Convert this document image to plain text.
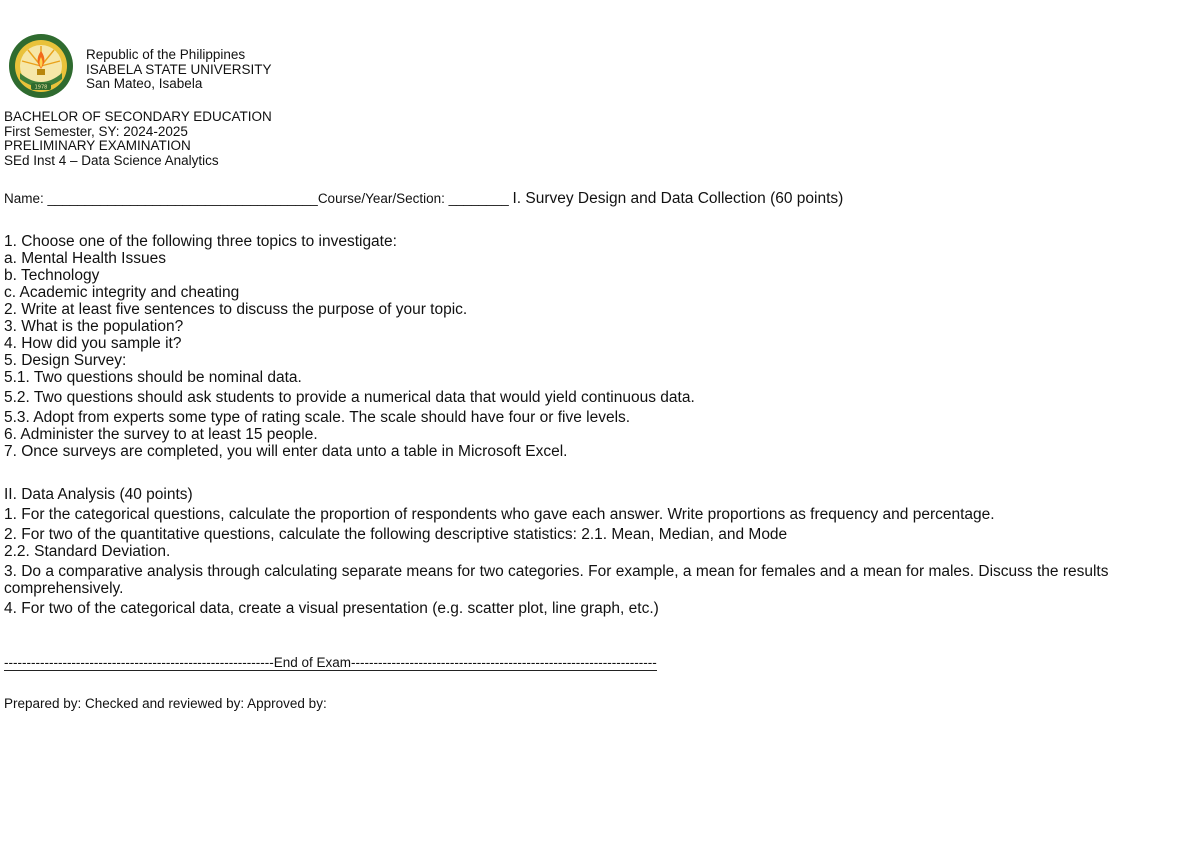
1978
Republic of the Philippines
ISABELA STATE UNIVERSITY
San Mateo, Isabela
BACHELOR OF SECONDARY EDUCATION
First Semester, SY: 2024-2025
PRELIMINARY EXAMINATION
SEd Inst 4 – Data Science Analytics
Name: ____________________________________Course/Year/Section: ________ I. Survey Design and Data Collection (60 points)
1. Choose one of the following three topics to investigate:
a. Mental Health Issues
b. Technology
c. Academic integrity and cheating
2. Write at least five sentences to discuss the purpose of your topic.
3. What is the population?
4. How did you sample it?
5. Design Survey:
5.1. Two questions should be nominal data.
5.2. Two questions should ask students to provide a numerical data that would yield continuous data.
5.3. Adopt from experts some type of rating scale. The scale should have four or five levels.
6. Administer the survey to at least 15 people.
7. Once surveys are completed, you will enter data unto a table in Microsoft Excel.
II. Data Analysis (40 points)
1. For the categorical questions, calculate the proportion of respondents who gave each answer. Write proportions as frequency and percentage.
2. For two of the quantitative questions, calculate the following descriptive statistics: 2.1. Mean, Median, and Mode
2.2. Standard Deviation.
3. Do a comparative analysis through calculating separate means for two categories. For example, a mean for females and a mean for males. Discuss the results
comprehensively.
4. For two of the categorical data, create a visual presentation (e.g. scatter plot, line graph, etc.)
------------------------------------------------------------End of Exam--------------------------------------------------------------------
Prepared by: Checked and reviewed by: Approved by:
